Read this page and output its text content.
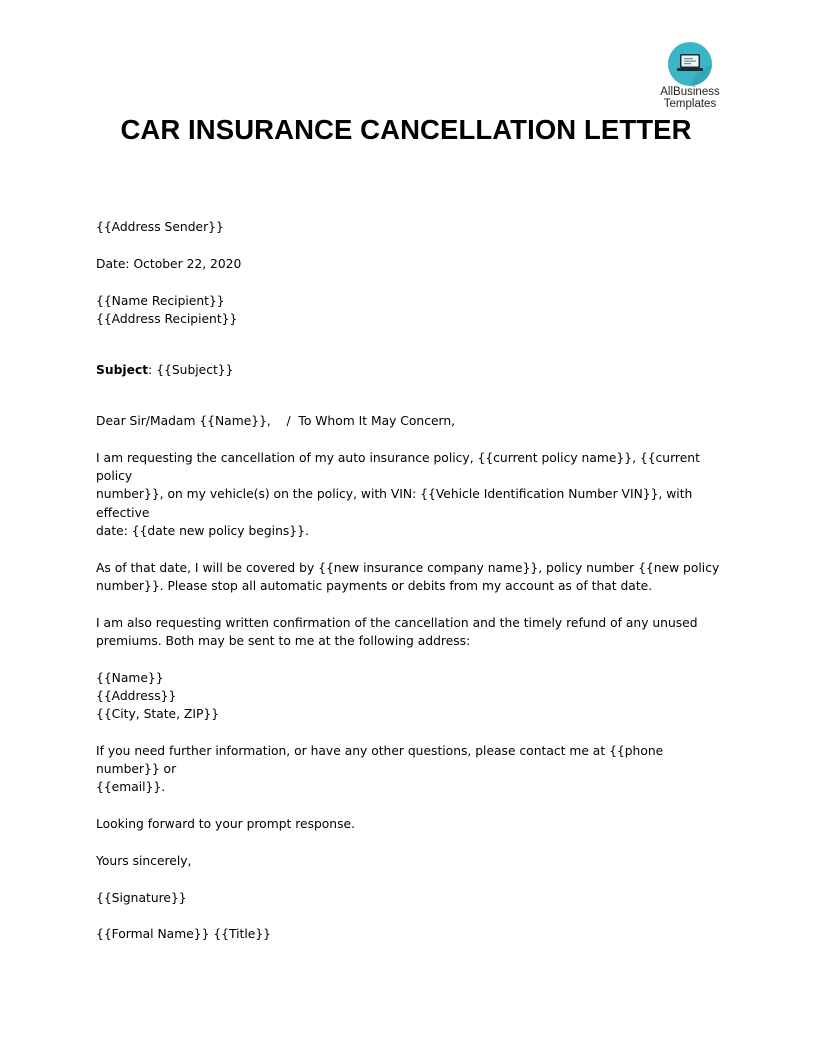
AllBusiness
Templates
CAR INSURANCE CANCELLATION LETTER

{{Address Sender}}

Date: October 22, 2020

{{Name Recipient}}

{{Address Recipient}}

Subject: {{Subject}}

Dear Sir/Madam {{Name}},    /  To Whom It May Concern,

I am requesting the cancellation of my auto insurance policy, {{current policy name}}, {{current policy

number}}, on my vehicle(s) on the policy, with VIN: {{Vehicle Identification Number VIN}}, with effective

date: {{date new policy begins}}.

As of that date, I will be covered by {{new insurance company name}}, policy number {{new policy

number}}. Please stop all automatic payments or debits from my account as of that date.

I am also requesting written confirmation of the cancellation and the timely refund of any unused

premiums. Both may be sent to me at the following address:

{{Name}}

{{Address}}

{{City, State, ZIP}}

If you need further information, or have any other questions, please contact me at {{phone number}} or

{{email}}.

Looking forward to your prompt response.

Yours sincerely,

{{Signature}}

{{Formal Name}} {{Title}}
